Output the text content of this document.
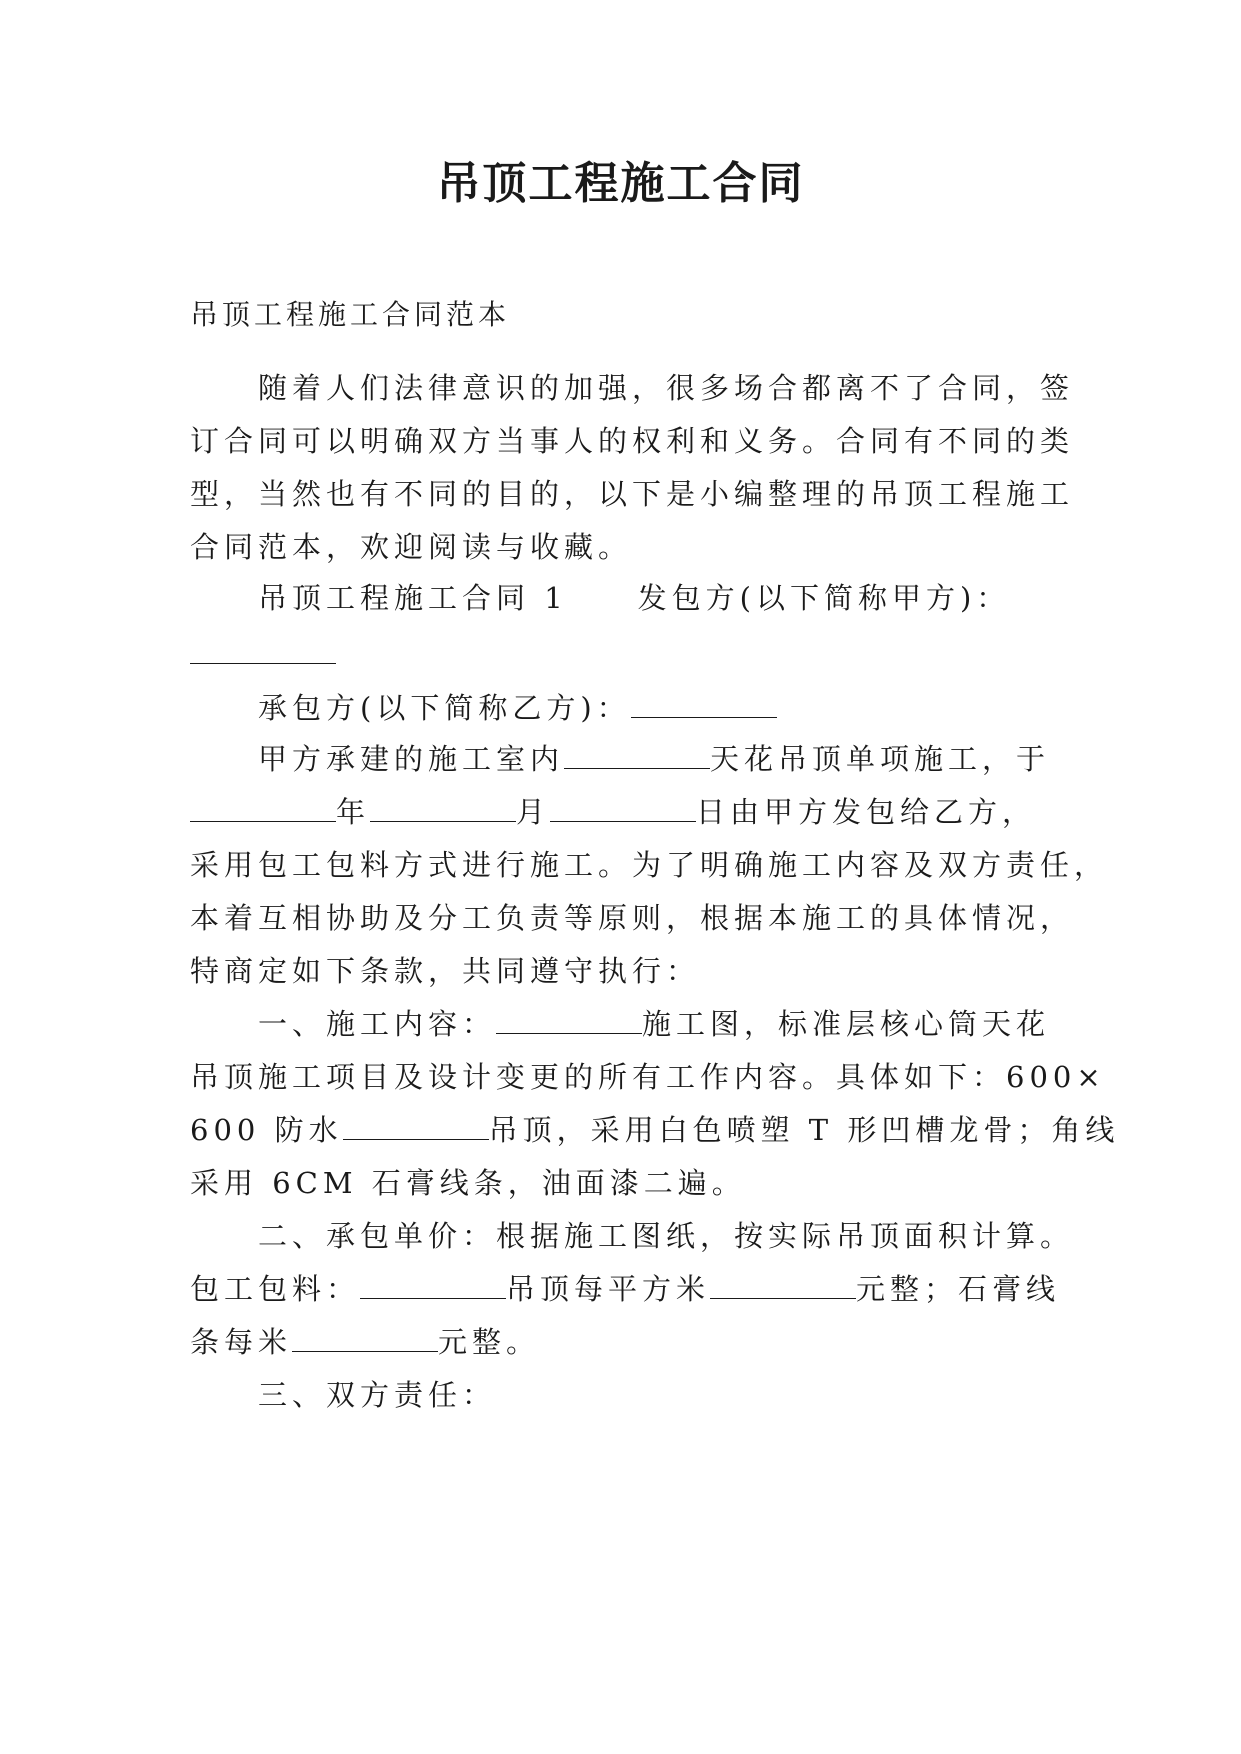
吊顶工程施工合同
吊顶工程施工合同范本
随着人们法律意识的加强，很多场合都离不了合同，签
订合同可以明确双方当事人的权利和义务。合同有不同的类
型，当然也有不同的目的，以下是小编整理的吊顶工程施工
合同范本，欢迎阅读与收藏。
吊顶工程施工合同 1 发包方(以下简称甲方)：
承包方(以下简称乙方)：
甲方承建的施工室内	天花吊顶单项施工，于
年	月	日由甲方发包给乙方，
采用包工包料方式进行施工。为了明确施工内容及双方责任，
本着互相协助及分工负责等原则，根据本施工的具体情况，
特商定如下条款，共同遵守执行：
一、施工内容：	施工图，标准层核心筒天花
吊顶施工项目及设计变更的所有工作内容。具体如下：600×
600 防水	吊顶，采用白色喷塑 T 形凹槽龙骨；角线
采用 6CM 石膏线条，油面漆二遍。
二、承包单价：根据施工图纸，按实际吊顶面积计算。
包工包料：	吊顶每平方米	元整；石膏线
条每米	元整。
三、双方责任：
